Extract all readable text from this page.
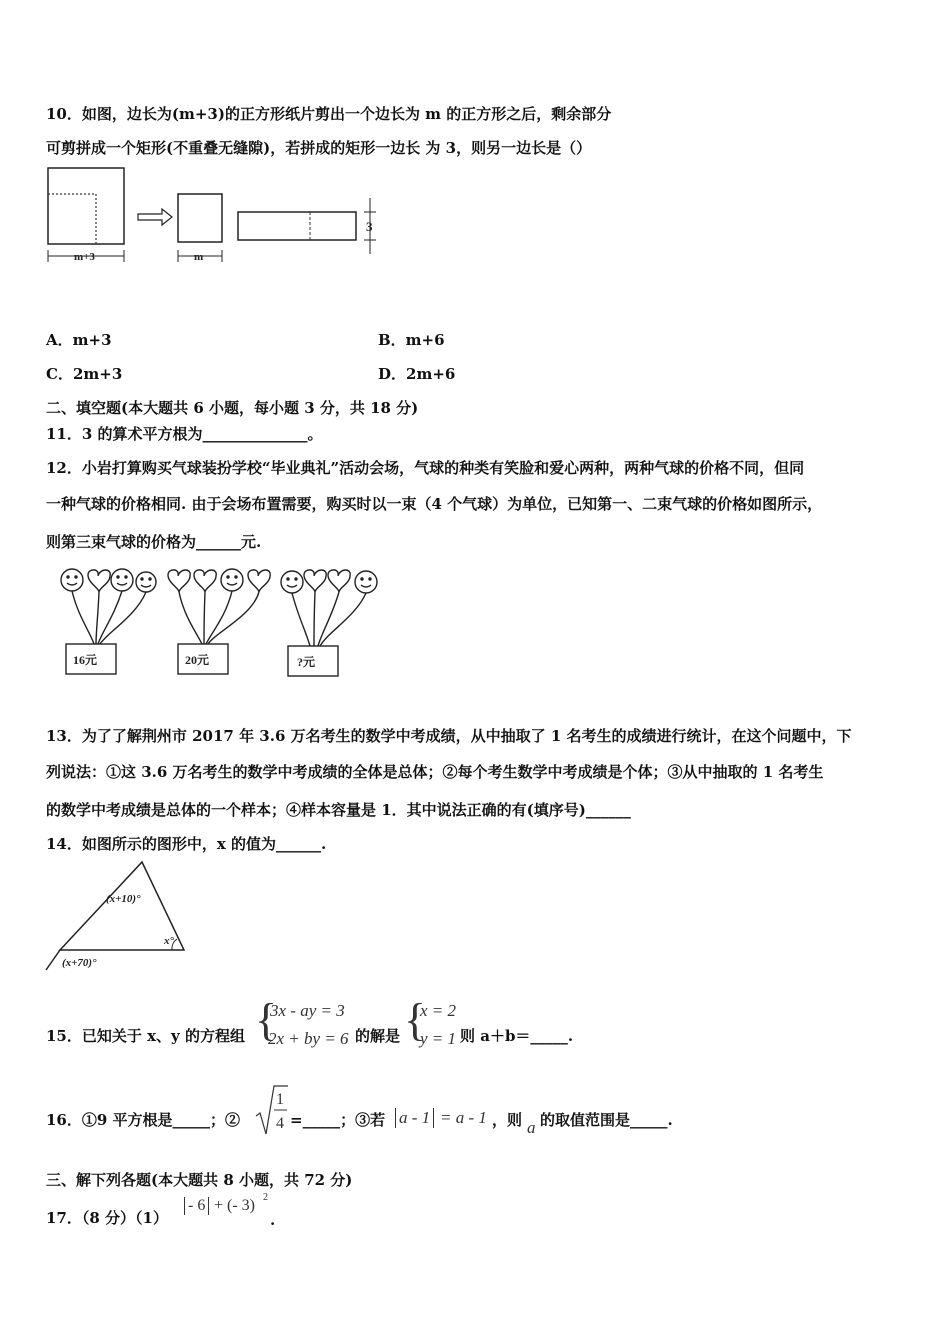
10．如图，边长为(m+3)的正方形纸片剪出一个边长为 m 的正方形之后，剩余部分
可剪拼成一个矩形(不重叠无缝隙)，若拼成的矩形一边长 为 3，则另一边长是（）
m+3	m
3
A．m+3	B．m+6
C．2m+3	D．2m+6
二、填空题(本大题共 6 小题，每小题 3 分，共 18 分)
11．3 的算术平方根为______________。
12．小岩打算购买气球装扮学校“毕业典礼”活动会场，气球的种类有笑脸和爱心两种，两种气球的价格不同，但同
一种气球的价格相同. 由于会场布置需要，购买时以一束（4 个气球）为单位，已知第一、二束气球的价格如图所示，
则第三束气球的价格为______元.
16元	20元	?元
13．为了了解荆州市 2017 年 3.6 万名考生的数学中考成绩，从中抽取了 1 名考生的成绩进行统计，在这个问题中，下
列说法：①这 3.6 万名考生的数学中考成绩的全体是总体；②每个考生数学中考成绩是个体；③从中抽取的 1 名考生
的数学中考成绩是总体的一个样本；④样本容量是 1．其中说法正确的有(填序号)______
14．如图所示的图形中，x 的值为______.
(x+10)°
x°
(x+70)°
15．已知关于 x、y 的方程组 {
3x - ay = 3
2x + by = 6 的解是 {
x = 2
y = 1 则 a＋b＝_____.
16．①9 平方根是_____；②
1
4 =_____；③若 a - 1 = a - 1 ，则 a 的取值范围是_____.
三、解下列各题(本大题共 8 小题，共 72 分)
17．（8 分）（1）
- 6 + (- 3) 2
.
